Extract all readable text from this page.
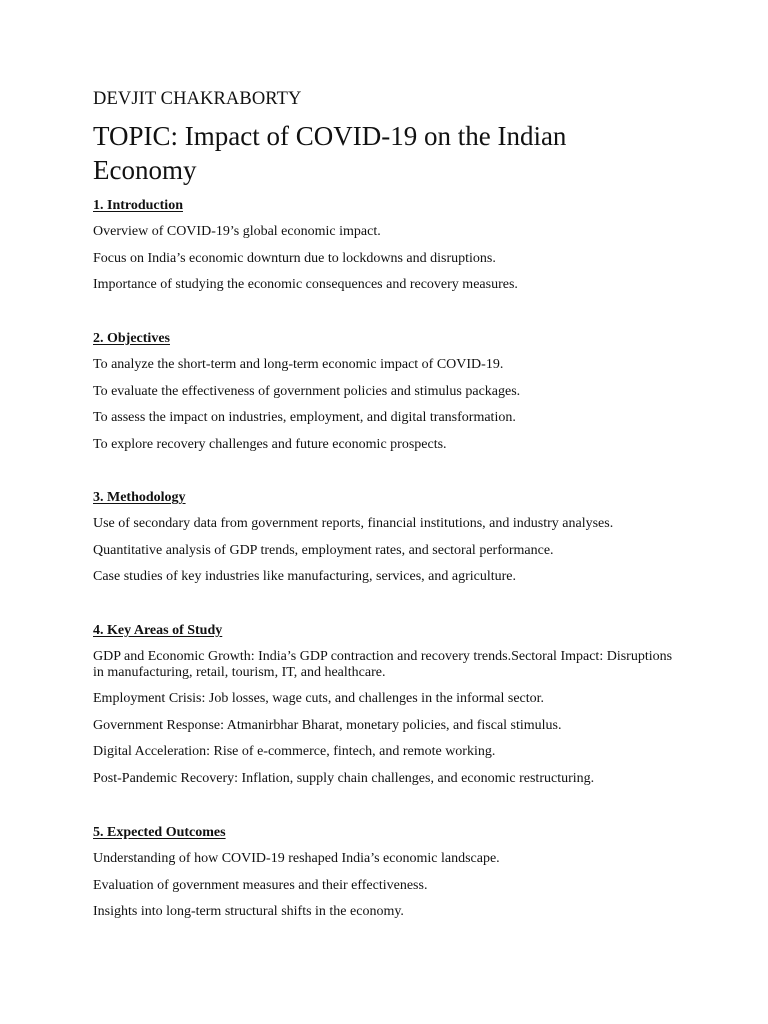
DEVJIT CHAKRABORTY
TOPIC: Impact of COVID-19 on the Indian Economy
1. Introduction
Overview of COVID-19’s global economic impact.
Focus on India’s economic downturn due to lockdowns and disruptions.
Importance of studying the economic consequences and recovery measures.
2. Objectives
To analyze the short-term and long-term economic impact of COVID-19.
To evaluate the effectiveness of government policies and stimulus packages.
To assess the impact on industries, employment, and digital transformation.
To explore recovery challenges and future economic prospects.
3. Methodology
Use of secondary data from government reports, financial institutions, and industry analyses.
Quantitative analysis of GDP trends, employment rates, and sectoral performance.
Case studies of key industries like manufacturing, services, and agriculture.
4. Key Areas of Study
GDP and Economic Growth: India’s GDP contraction and recovery trends.Sectoral Impact: Disruptions in manufacturing, retail, tourism, IT, and healthcare.
Employment Crisis: Job losses, wage cuts, and challenges in the informal sector.
Government Response: Atmanirbhar Bharat, monetary policies, and fiscal stimulus.
Digital Acceleration: Rise of e-commerce, fintech, and remote working.
Post-Pandemic Recovery: Inflation, supply chain challenges, and economic restructuring.
5. Expected Outcomes
Understanding of how COVID-19 reshaped India’s economic landscape.
Evaluation of government measures and their effectiveness.
Insights into long-term structural shifts in the economy.
